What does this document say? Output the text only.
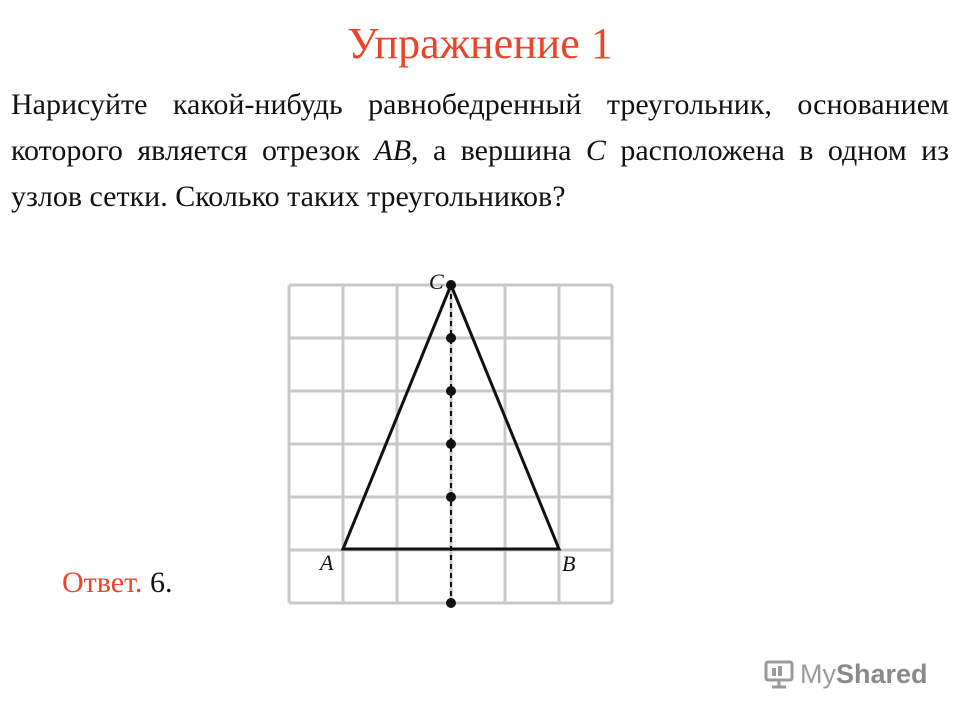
Упражнение 1

Нарисуйте какой-нибудь равнобедренный треугольник, основанием которого является отрезок AB, а вершина C расположена в одном из узлов сетки. Сколько таких треугольников?

C
A	B
Ответ. 6.
MyShared
